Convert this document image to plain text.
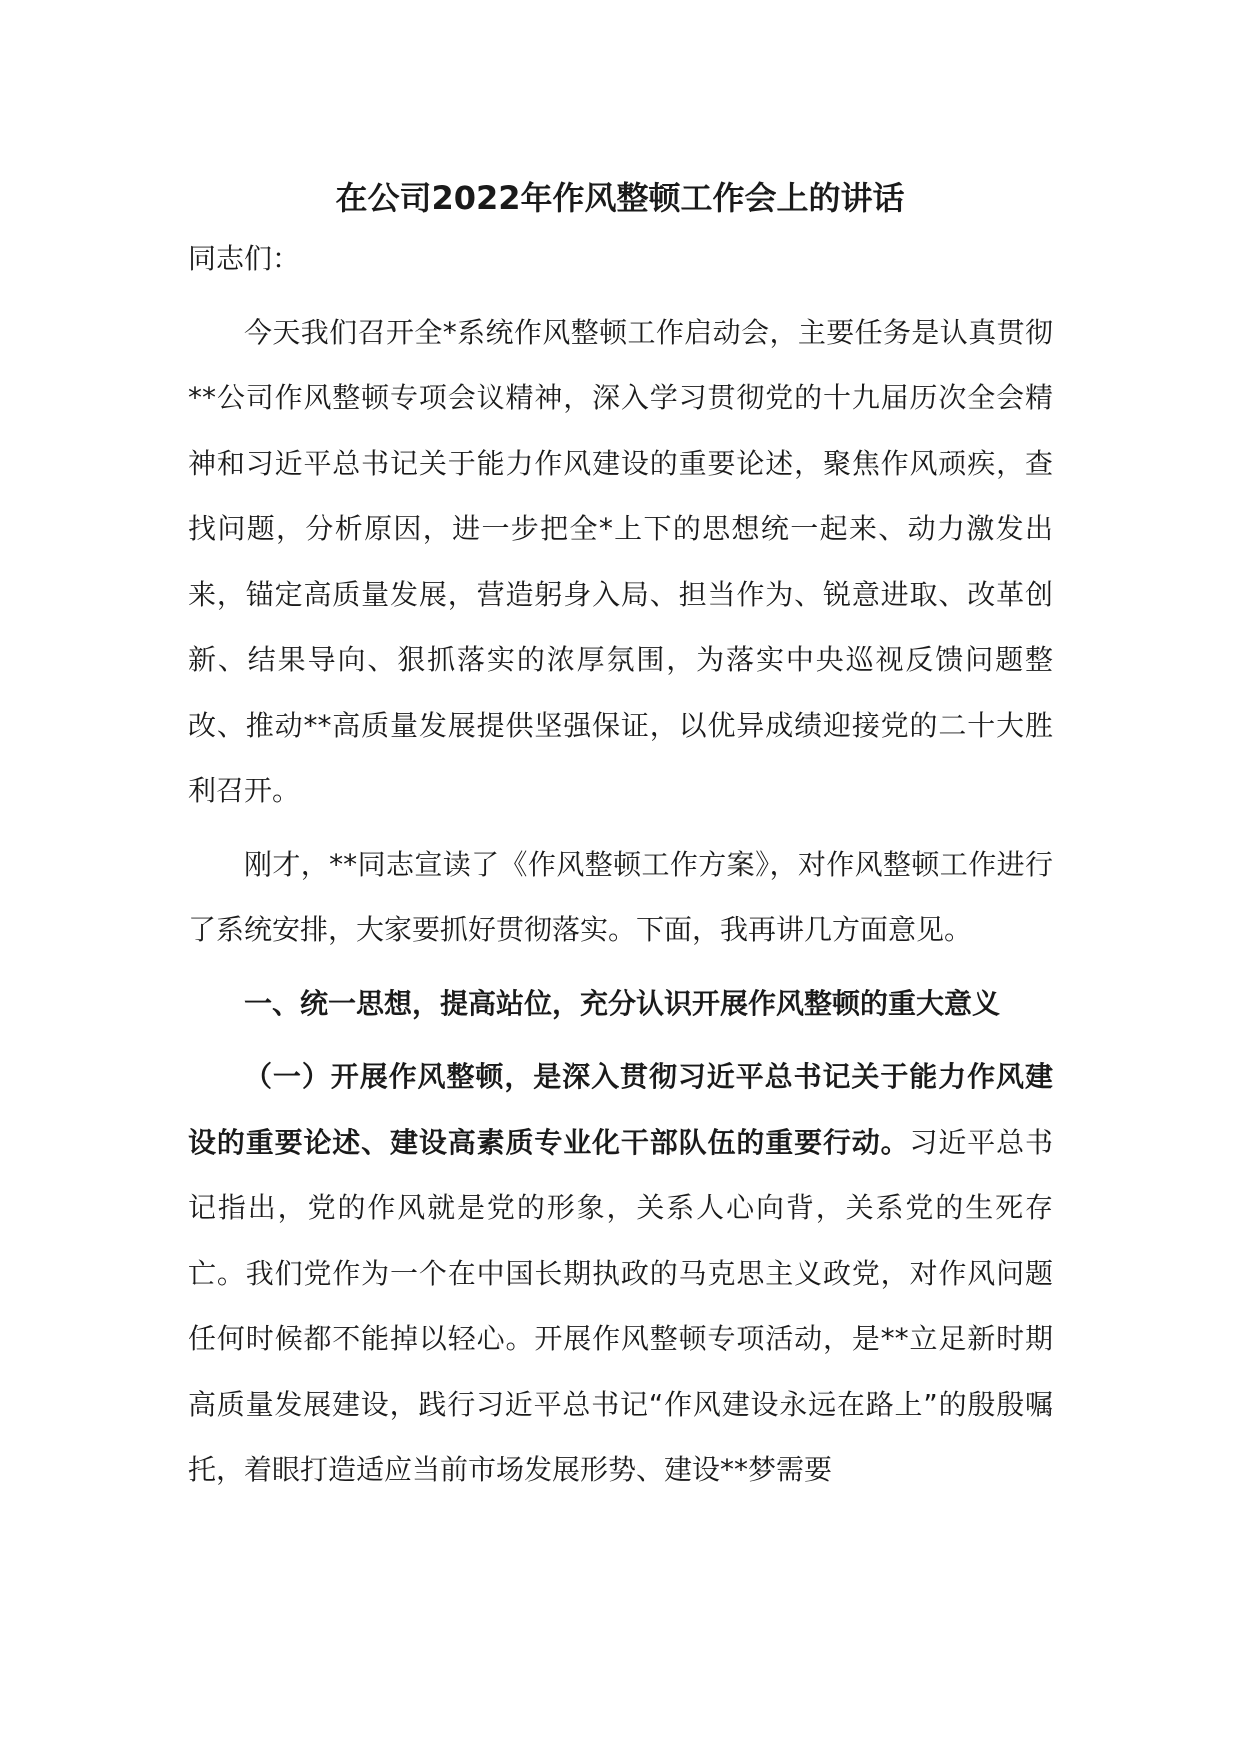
在公司2022年作风整顿工作会上的讲话

同志们：

今天我们召开全*系统作风整顿工作启动会，主要任务是认真贯彻**公司作风整顿专项会议精神，深入学习贯彻党的十九届历次全会精神和习近平总书记关于能力作风建设的重要论述，聚焦作风顽疾，查找问题，分析原因，进一步把全*上下的思想统一起来、动力激发出来，锚定高质量发展，营造躬身入局、担当作为、锐意进取、改革创新、结果导向、狠抓落实的浓厚氛围，为落实中央巡视反馈问题整改、推动**高质量发展提供坚强保证，以优异成绩迎接党的二十大胜利召开。

刚才，**同志宣读了《作风整顿工作方案》，对作风整顿工作进行了系统安排，大家要抓好贯彻落实。下面，我再讲几方面意见。

一、统一思想，提高站位，充分认识开展作风整顿的重大意义

（一）开展作风整顿，是深入贯彻习近平总书记关于能力作风建设的重要论述、建设高素质专业化干部队伍的重要行动。习近平总书记指出，党的作风就是党的形象，关系人心向背，关系党的生死存亡。我们党作为一个在中国长期执政的马克思主义政党，对作风问题任何时候都不能掉以轻心。开展作风整顿专项活动，是**立足新时期高质量发展建设，践行习近平总书记“作风建设永远在路上”的殷殷嘱托，着眼打造适应当前市场发展形势、建设**梦需要
